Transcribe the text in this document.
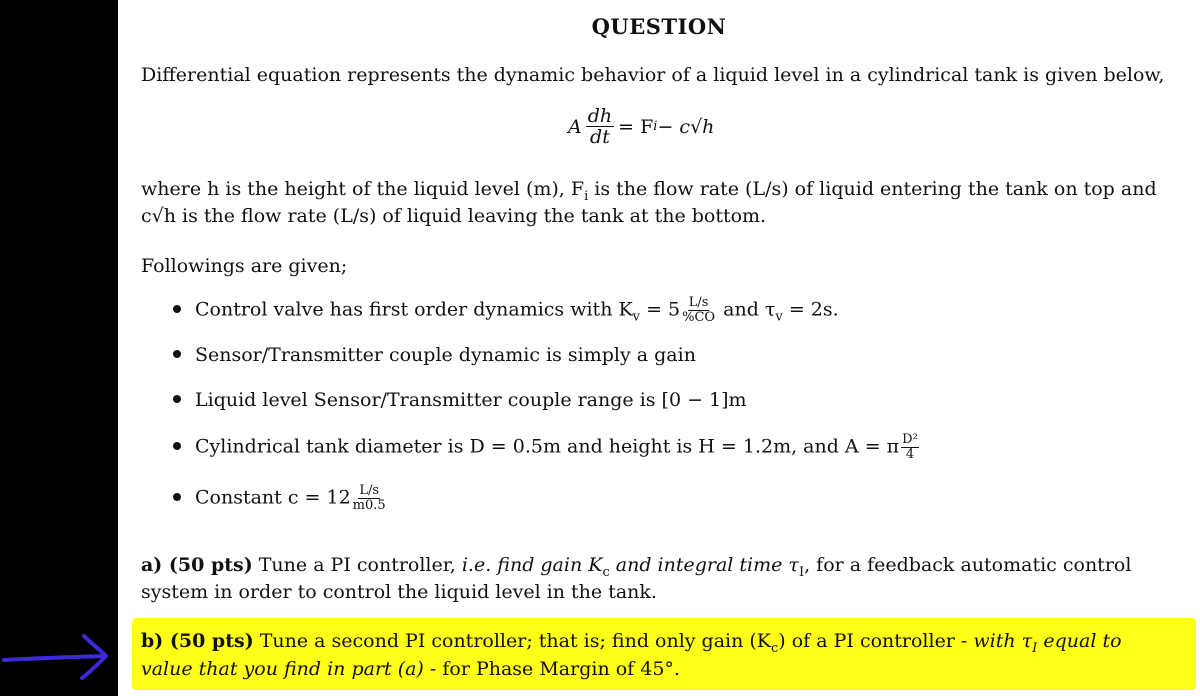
QUESTION
Differential equation represents the dynamic behavior of a liquid level in a cylindrical tank is given below,
A $\frac{dh}{dt} = F$ i − c√h
where h is the height of the liquid level (m), $F_i$ is the flow rate (L/s) of liquid entering the tank on top and
c√h is the flow rate (L/s) of liquid leaving the tank at the bottom.
Followings are given;
Control valve has first order dynamics with $K_v = 5 \frac{L/s}{\%CO}$ and $\tau_v = 2s$.
Sensor/Transmitter couple dynamic is simply a gain
Liquid level Sensor/Transmitter couple range is [0 − 1]m
Cylindrical tank diameter is D = 0.5m and height is H = 1.2m, and A = π $\frac{\text{D²}}{4}$
Constant $c = 12 \frac{L/s}{m0.5}$
a) (50 pts) Tune a PI controller, i.e. find gain $K_c$ and integral time $\tau_I$, for a feedback automatic control
system in order to control the liquid level in the tank.
b) (50 pts) Tune a second PI controller; that is; find only gain $(K_c)$ of a PI controller - with $\tau_I$ equal to
value that you find in part (a) - for Phase Margin of 45°.
